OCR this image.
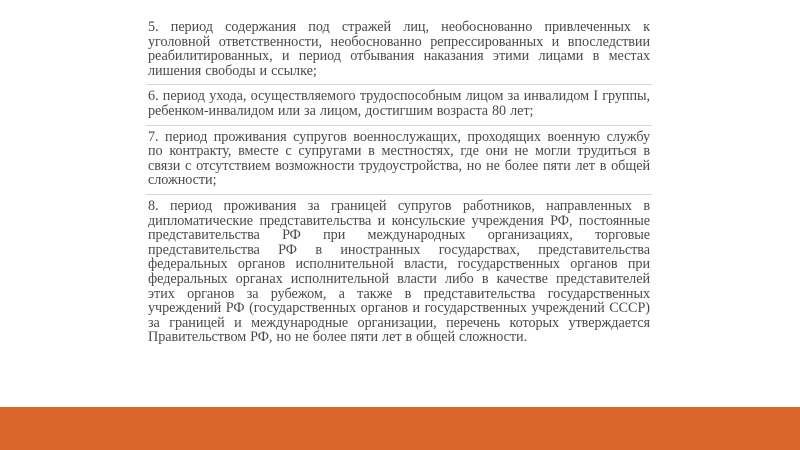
5. период содержания под стражей лиц, необоснованно привлеченных к уголовной ответственности, необоснованно репрессированных и впоследствии реабилитированных, и период отбывания наказания этими лицами в местах лишения свободы и ссылке;

6. период ухода, осуществляемого трудоспособным лицом за инвалидом I группы, ребенком-инвалидом или за лицом, достигшим возраста 80 лет;

7. период проживания супругов военнослужащих, проходящих военную службу по контракту, вместе с супругами в местностях, где они не могли трудиться в связи с отсутствием возможности трудоустройства, но не более пяти лет в общей сложности;

8. период проживания за границей супругов работников, направленных в дипломатические представительства и консульские учреждения РФ, постоянные представительства РФ при международных организациях, торговые представительства РФ в иностранных государствах, представительства федеральных органов исполнительной власти, государственных органов при федеральных органах исполнительной власти либо в качестве представителей этих органов за рубежом, а также в представительства государственных учреждений РФ (государственных органов и государственных учреждений СССР) за границей и международные организации, перечень которых утверждается Правительством РФ, но не более пяти лет в общей сложности.
